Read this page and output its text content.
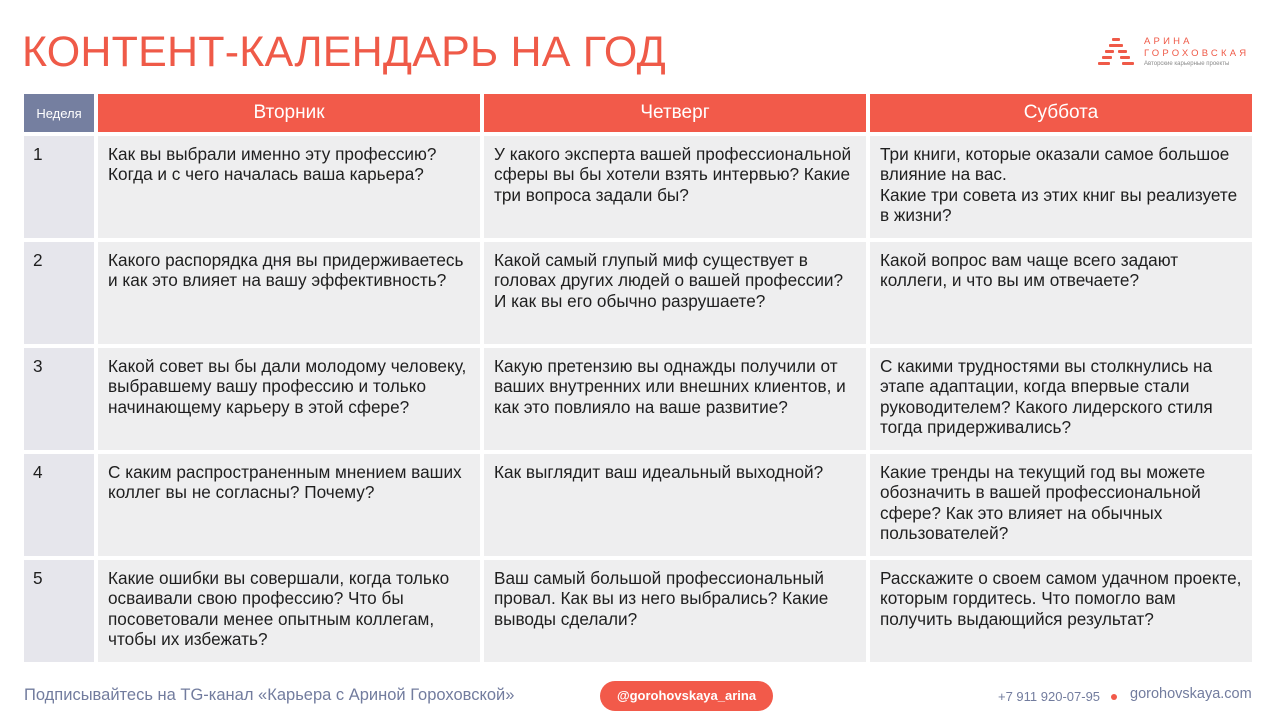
КОНТЕНТ-КАЛЕНДАРЬ НА ГОД	АРИНА
ГОРОХОВСКАЯ
Авторские карьерные проекты
Неделя	Вторник	Четверг	Суббота
1	Как вы выбрали именно эту профессию? Когда и с чего началась ваша карьера?	У какого эксперта вашей профессиональной сферы вы бы хотели взять интервью? Какие три вопроса задали бы?	Три книги, которые оказали самое большое влияние на вас.
Какие три совета из этих книг вы реализуете в жизни?
2	Какого распорядка дня вы придерживаетесь и как это влияет на вашу эффективность?	Какой самый глупый миф существует в головах других людей о вашей профессии? И как вы его обычно разрушаете?	Какой вопрос вам чаще всего задают коллеги, и что вы им отвечаете?
3	Какой совет вы бы дали молодому человеку, выбравшему вашу профессию и только начинающему карьеру в этой сфере?	Какую претензию вы однажды получили от ваших внутренних или внешних клиентов, и как это повлияло на ваше развитие?	С какими трудностями вы столкнулись на этапе адаптации, когда впервые стали руководителем? Какого лидерского стиля тогда придерживались?
4	С каким распространенным мнением ваших коллег вы не согласны? Почему?	Как выглядит ваш идеальный выходной?	Какие тренды на текущий год вы можете обозначить в вашей профессиональной сфере? Как это влияет на обычных пользователей?
5	Какие ошибки вы совершали, когда только осваивали свою профессию? Что бы посоветовали менее опытным коллегам, чтобы их избежать?	Ваш самый большой профессиональный провал. Как вы из него выбрались? Какие выводы сделали?	Расскажите о своем самом удачном проекте, которым гордитесь. Что помогло вам получить выдающийся результат?
Подписывайтесь на TG-канал «Карьера с Ариной Гороховской»	@gorohovskaya_arina	+7 911 920-07-95 gorohovskaya.com
